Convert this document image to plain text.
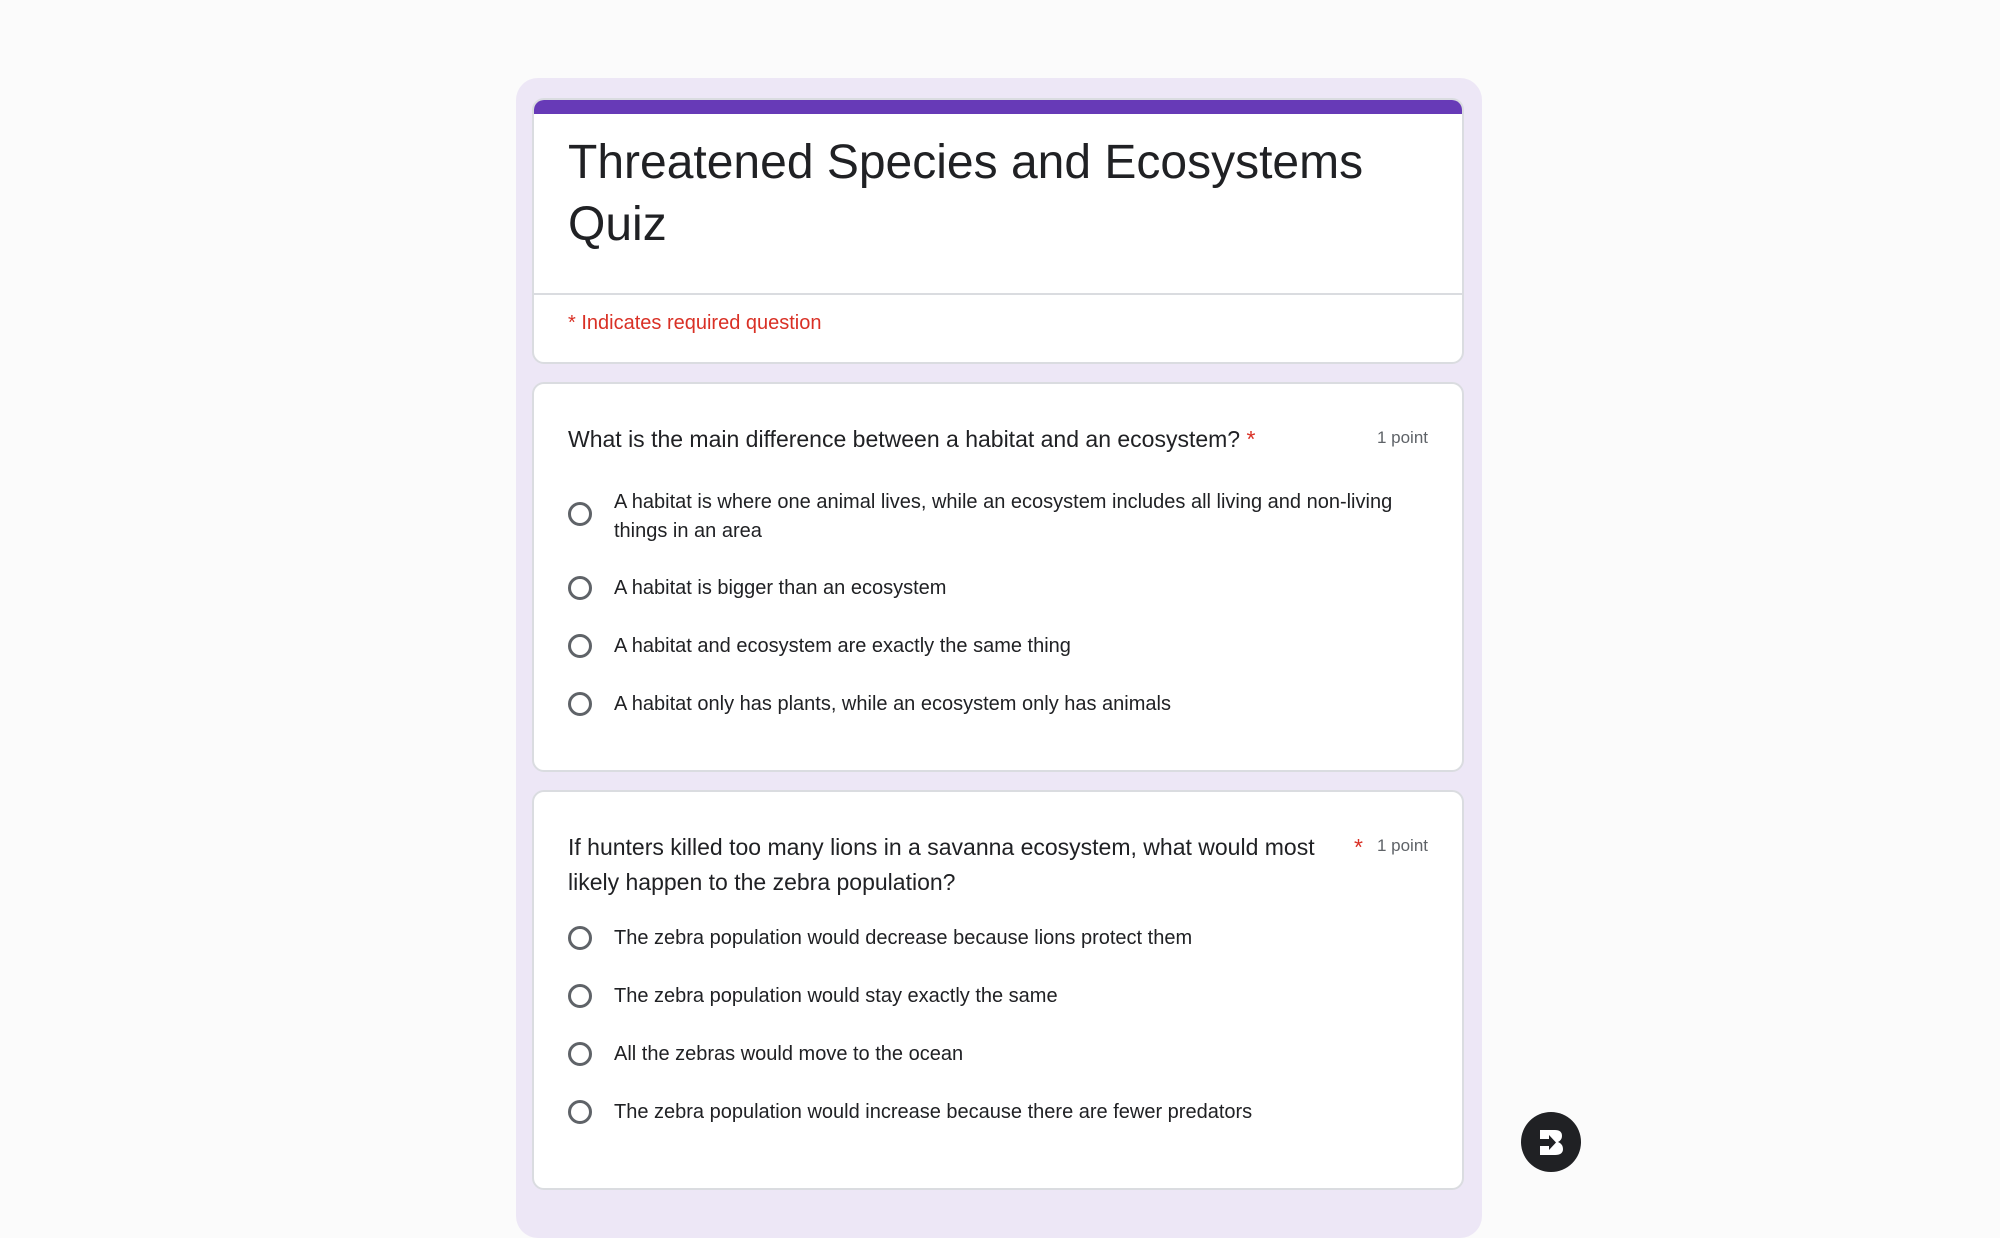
Threatened Species and Ecosystems Quiz
* Indicates required question
What is the main difference between a habitat and an ecosystem? *	1 point
A habitat is where one animal lives, while an ecosystem includes all living and non-living things in an area
A habitat is bigger than an ecosystem
A habitat and ecosystem are exactly the same thing
A habitat only has plants, while an ecosystem only has animals
If hunters killed too many lions in a savanna ecosystem, what would most likely happen to the zebra population?
* 1 point
The zebra population would decrease because lions protect them
The zebra population would stay exactly the same
All the zebras would move to the ocean
The zebra population would increase because there are fewer predators
